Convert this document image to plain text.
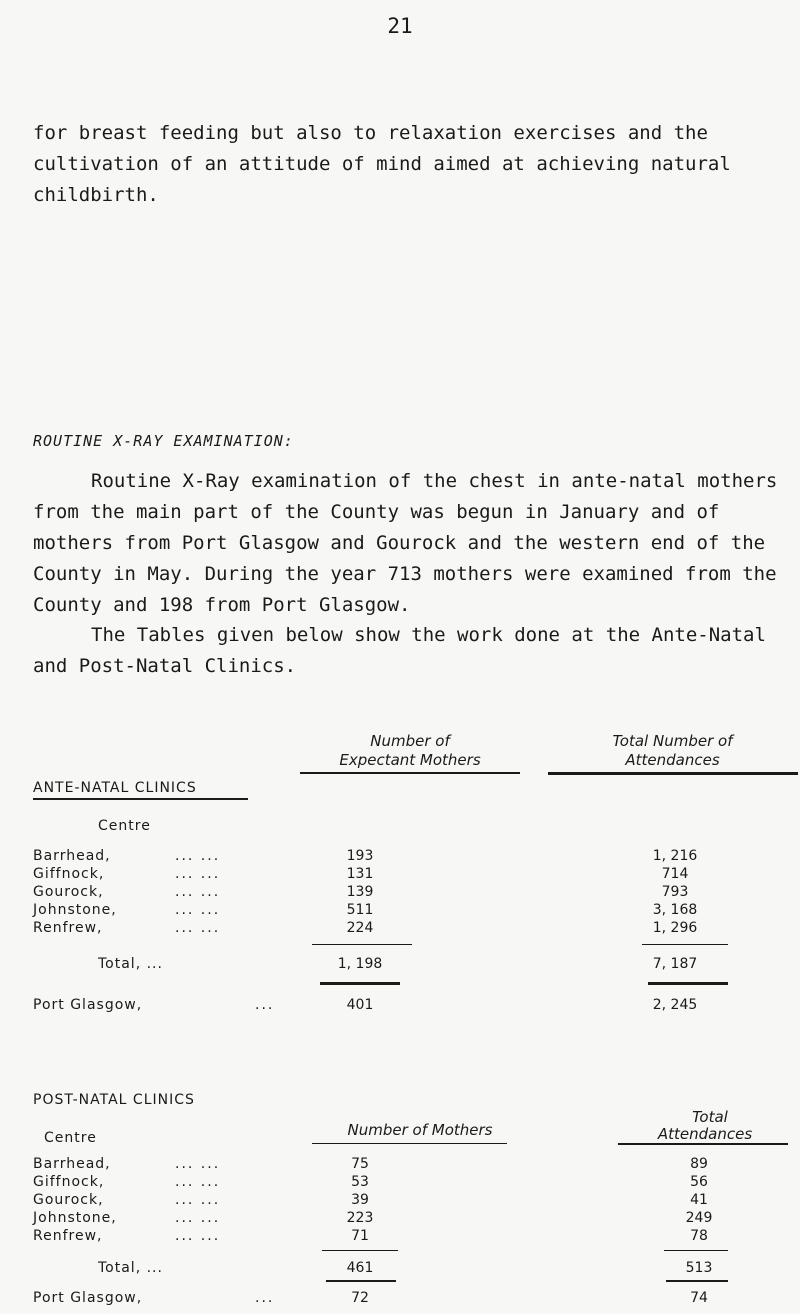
21

for breast feeding but also to relaxation exercises and the cultivation of an attitude of mind aimed at achieving natural childbirth.

ROUTINE X-RAY EXAMINATION:

Routine X-Ray examination of the chest in ante-natal mothers from the main part of the County was begun in January and of mothers from Port Glasgow and Gourock and the western end of the County in May. During the year 713 mothers were examined from the County and 198 from Port Glasgow.

The Tables given below show the work done at the Ante-Natal and Post-Natal Clinics.

Number of
Expectant Mothers
Total Number of
Attendances
ANTE-NATAL CLINICS
Centre
Barrhead,	... ...	193	1, 216
Giffnock,	... ...	131	714
Gourock,	... ...	139	793
Johnstone,	... ...	511	3, 168
Renfrew,	... ...	224	1, 296
Total, ...	1, 198	7, 187
Port Glasgow,	...	401	2, 245
POST-NATAL CLINICS
Number of Mothers
Total
Attendances
Centre
Barrhead,	... ...	75	89
Giffnock,	... ...	53	56
Gourock,	... ...	39	41
Johnstone,	... ...	223	249
Renfrew,	... ...	71	78
Total, ...	461	513
Port Glasgow,	...	72	74
